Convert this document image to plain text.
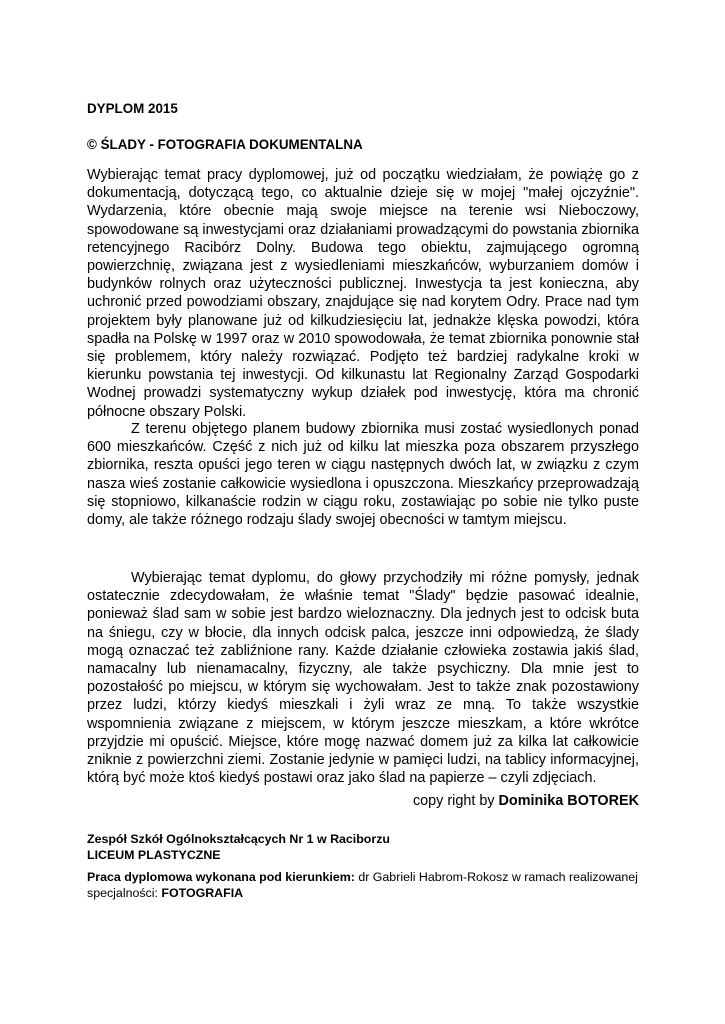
DYPLOM 2015
© ŚLADY - FOTOGRAFIA DOKUMENTALNA

Wybierając temat pracy dyplomowej, już od początku wiedziałam, że powiążę go z dokumentacją, dotyczącą tego, co aktualnie dzieje się w mojej "małej ojczyźnie". Wydarzenia, które obecnie mają swoje miejsce na terenie wsi Nieboczowy, spowodowane są inwestycjami oraz działaniami prowadzącymi do powstania zbiornika retencyjnego Racibórz Dolny. Budowa tego obiektu, zajmującego ogromną powierzchnię, związana jest z wysiedleniami mieszkańców, wyburzaniem domów i budynków rolnych oraz użyteczności publicznej. Inwestycja ta jest konieczna, aby uchronić przed powodziami obszary, znajdujące się nad korytem Odry. Prace nad tym projektem były planowane już od kilkudziesięciu lat, jednakże klęska powodzi, która spadła na Polskę w 1997 oraz w 2010 spowodowała, że temat zbiornika ponownie stał się problemem, który należy rozwiązać. Podjęto też bardziej radykalne kroki w kierunku powstania tej inwestycji. Od kilkunastu lat Regionalny Zarząd Gospodarki Wodnej prowadzi systematyczny wykup działek pod inwestycję, która ma chronić północne obszary Polski.

Z terenu objętego planem budowy zbiornika musi zostać wysiedlonych ponad 600 mieszkańców. Część z nich już od kilku lat mieszka poza obszarem przyszłego zbiornika, reszta opuści jego teren w ciągu następnych dwóch lat, w związku z czym nasza wieś zostanie całkowicie wysiedlona i opuszczona. Mieszkańcy przeprowadzają się stopniowo, kilkanaście rodzin w ciągu roku, zostawiając po sobie nie tylko puste domy, ale także różnego rodzaju ślady swojej obecności w tamtym miejscu.

Wybierając temat dyplomu, do głowy przychodziły mi różne pomysły, jednak ostatecznie zdecydowałam, że właśnie temat "Ślady" będzie pasować idealnie, ponieważ ślad sam w sobie jest bardzo wieloznaczny. Dla jednych jest to odcisk buta na śniegu, czy w błocie, dla innych odcisk palca, jeszcze inni odpowiedzą, że ślady mogą oznaczać też zabliźnione rany. Każde działanie człowieka zostawia jakiś ślad, namacalny lub nienamacalny, fizyczny, ale także psychiczny. Dla mnie jest to pozostałość po miejscu, w którym się wychowałam. Jest to także znak pozostawiony przez ludzi, którzy kiedyś mieszkali i żyli wraz ze mną. To także wszystkie wspomnienia związane z miejscem, w którym jeszcze mieszkam, a które wkrótce przyjdzie mi opuścić. Miejsce, które mogę nazwać domem już za kilka lat całkowicie zniknie z powierzchni ziemi. Zostanie jedynie w pamięci ludzi, na tablicy informacyjnej, którą być może ktoś kiedyś postawi oraz jako ślad na papierze – czyli zdjęciach.

copy right by Dominika BOTOREK
Zespół Szkół Ogólnokształcących Nr 1 w Raciborzu
LICEUM PLASTYCZNE
Praca dyplomowa wykonana pod kierunkiem: dr Gabrieli Habrom-Rokosz w ramach realizowanej specjalności: FOTOGRAFIA
